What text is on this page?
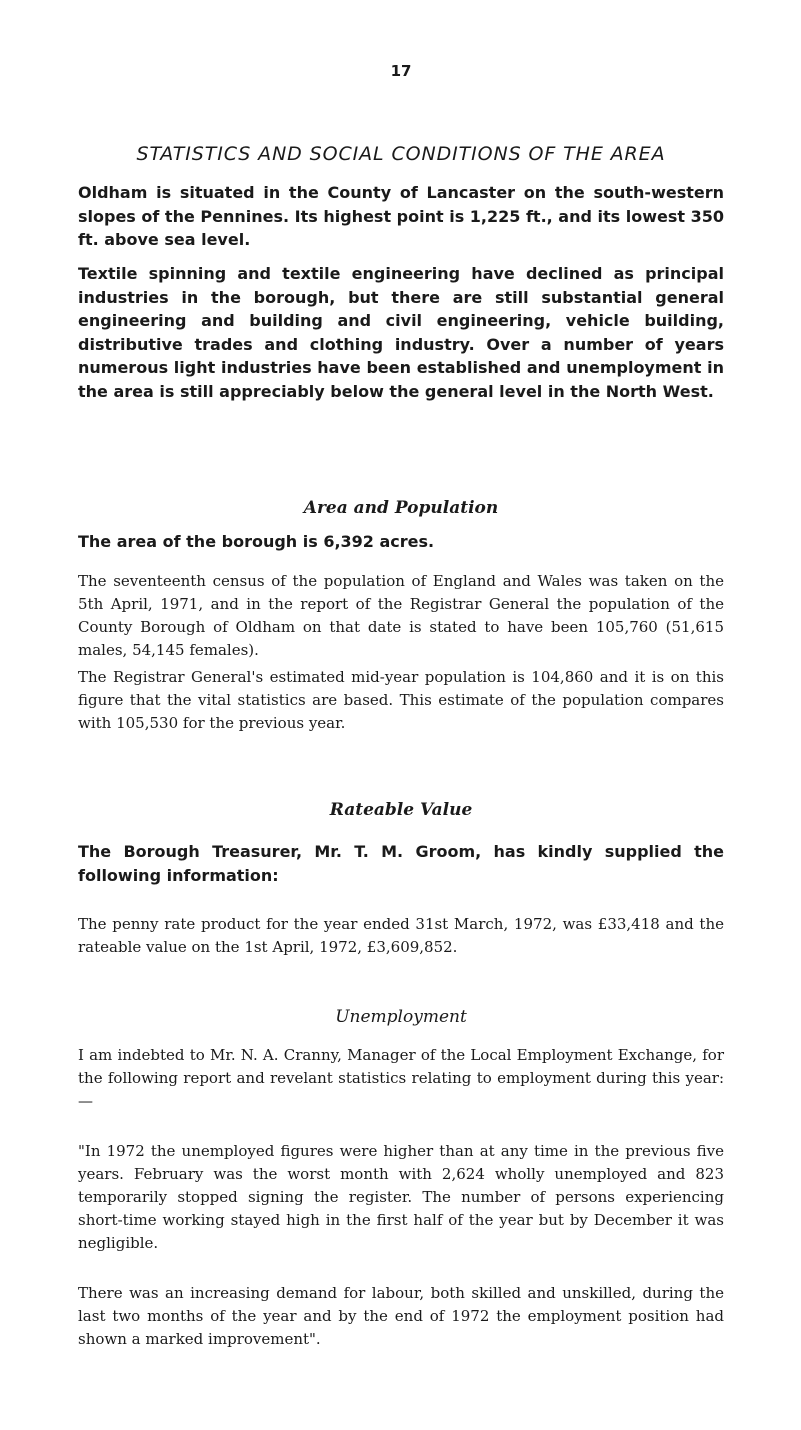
17
STATISTICS AND SOCIAL CONDITIONS OF THE AREA

Oldham is situated in the County of Lancaster on the south-western slopes of the Pennines. Its highest point is 1,225 ft., and its lowest 350 ft. above sea level.

Textile spinning and textile engineering have declined as principal industries in the borough, but there are still substantial general engineering and building and civil engineering, vehicle building, distributive trades and clothing industry. Over a number of years numerous light industries have been established and unemployment in the area is still appreciably below the general level in the North West.

Area and Population

The area of the borough is 6,392 acres.

The seventeenth census of the population of England and Wales was taken on the 5th April, 1971, and in the report of the Registrar General the population of the County Borough of Oldham on that date is stated to have been 105,760 (51,615 males, 54,145 females).

The Registrar General's estimated mid-year population is 104,860 and it is on this figure that the vital statistics are based. This estimate of the population compares with 105,530 for the previous year.

Rateable Value

The Borough Treasurer, Mr. T. M. Groom, has kindly supplied the following information:

The penny rate product for the year ended 31st March, 1972, was £33,418 and the rateable value on the 1st April, 1972, £3,609,852.

Unemployment

I am indebted to Mr. N. A. Cranny, Manager of the Local Employment Exchange, for the following report and revelant statistics relating to employment during this year:—

"In 1972 the unemployed figures were higher than at any time in the previous five years. February was the worst month with 2,624 wholly unemployed and 823 temporarily stopped signing the register. The number of persons experiencing short-time working stayed high in the first half of the year but by December it was negligible.

There was an increasing demand for labour, both skilled and unskilled, during the last two months of the year and by the end of 1972 the employment position had shown a marked improvement".
